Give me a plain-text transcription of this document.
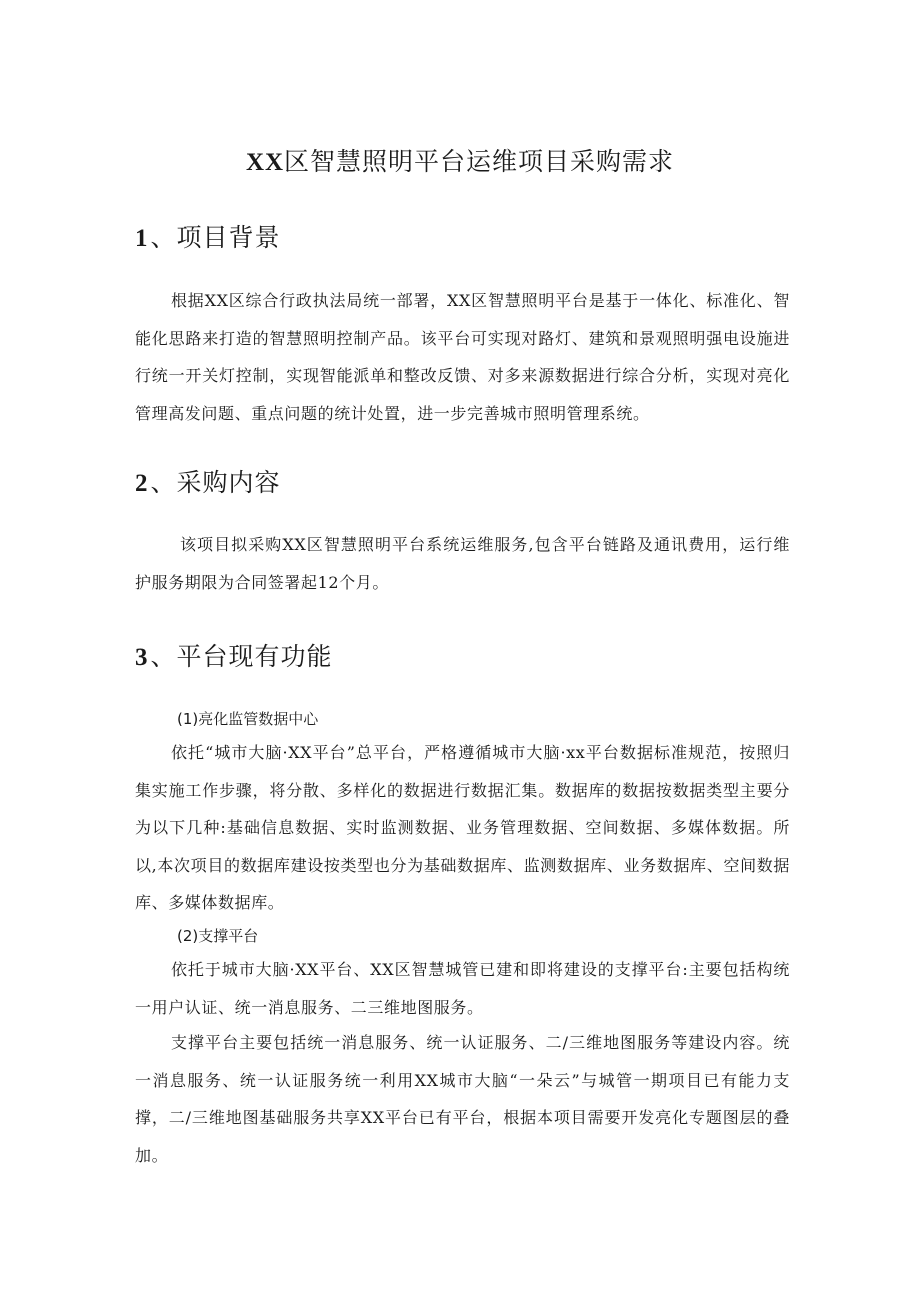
XX区智慧照明平台运维项目采购需求
1、项目背景

根据XX区综合行政执法局统一部署，XX区智慧照明平台是基于一体化、标准化、智能化思路来打造的智慧照明控制产品。该平台可实现对路灯、建筑和景观照明强电设施进行统一开关灯控制，实现智能派单和整改反馈、对多来源数据进行综合分析，实现对亮化管理高发问题、重点问题的统计处置，进一步完善城市照明管理系统。

2、采购内容

该项目拟采购XX区智慧照明平台系统运维服务,包含平台链路及通讯费用，运行维护服务期限为合同签署起12个月。

3、平台现有功能

(1)亮化监管数据中心

依托“城市大脑·XX平台”总平台，严格遵循城市大脑·xx平台数据标准规范，按照归集实施工作步骤，将分散、多样化的数据进行数据汇集。数据库的数据按数据类型主要分为以下几种:基础信息数据、实时监测数据、业务管理数据、空间数据、多媒体数据。所以,本次项目的数据库建设按类型也分为基础数据库、监测数据库、业务数据库、空间数据库、多媒体数据库。

(2)支撑平台

依托于城市大脑·XX平台、XX区智慧城管已建和即将建设的支撑平台:主要包括构统一用户认证、统一消息服务、二三维地图服务。

支撑平台主要包括统一消息服务、统一认证服务、二/三维地图服务等建设内容。统一消息服务、统一认证服务统一利用XX城市大脑“一朵云”与城管一期项目已有能力支撑，二/三维地图基础服务共享XX平台已有平台，根据本项目需要开发亮化专题图层的叠加。
